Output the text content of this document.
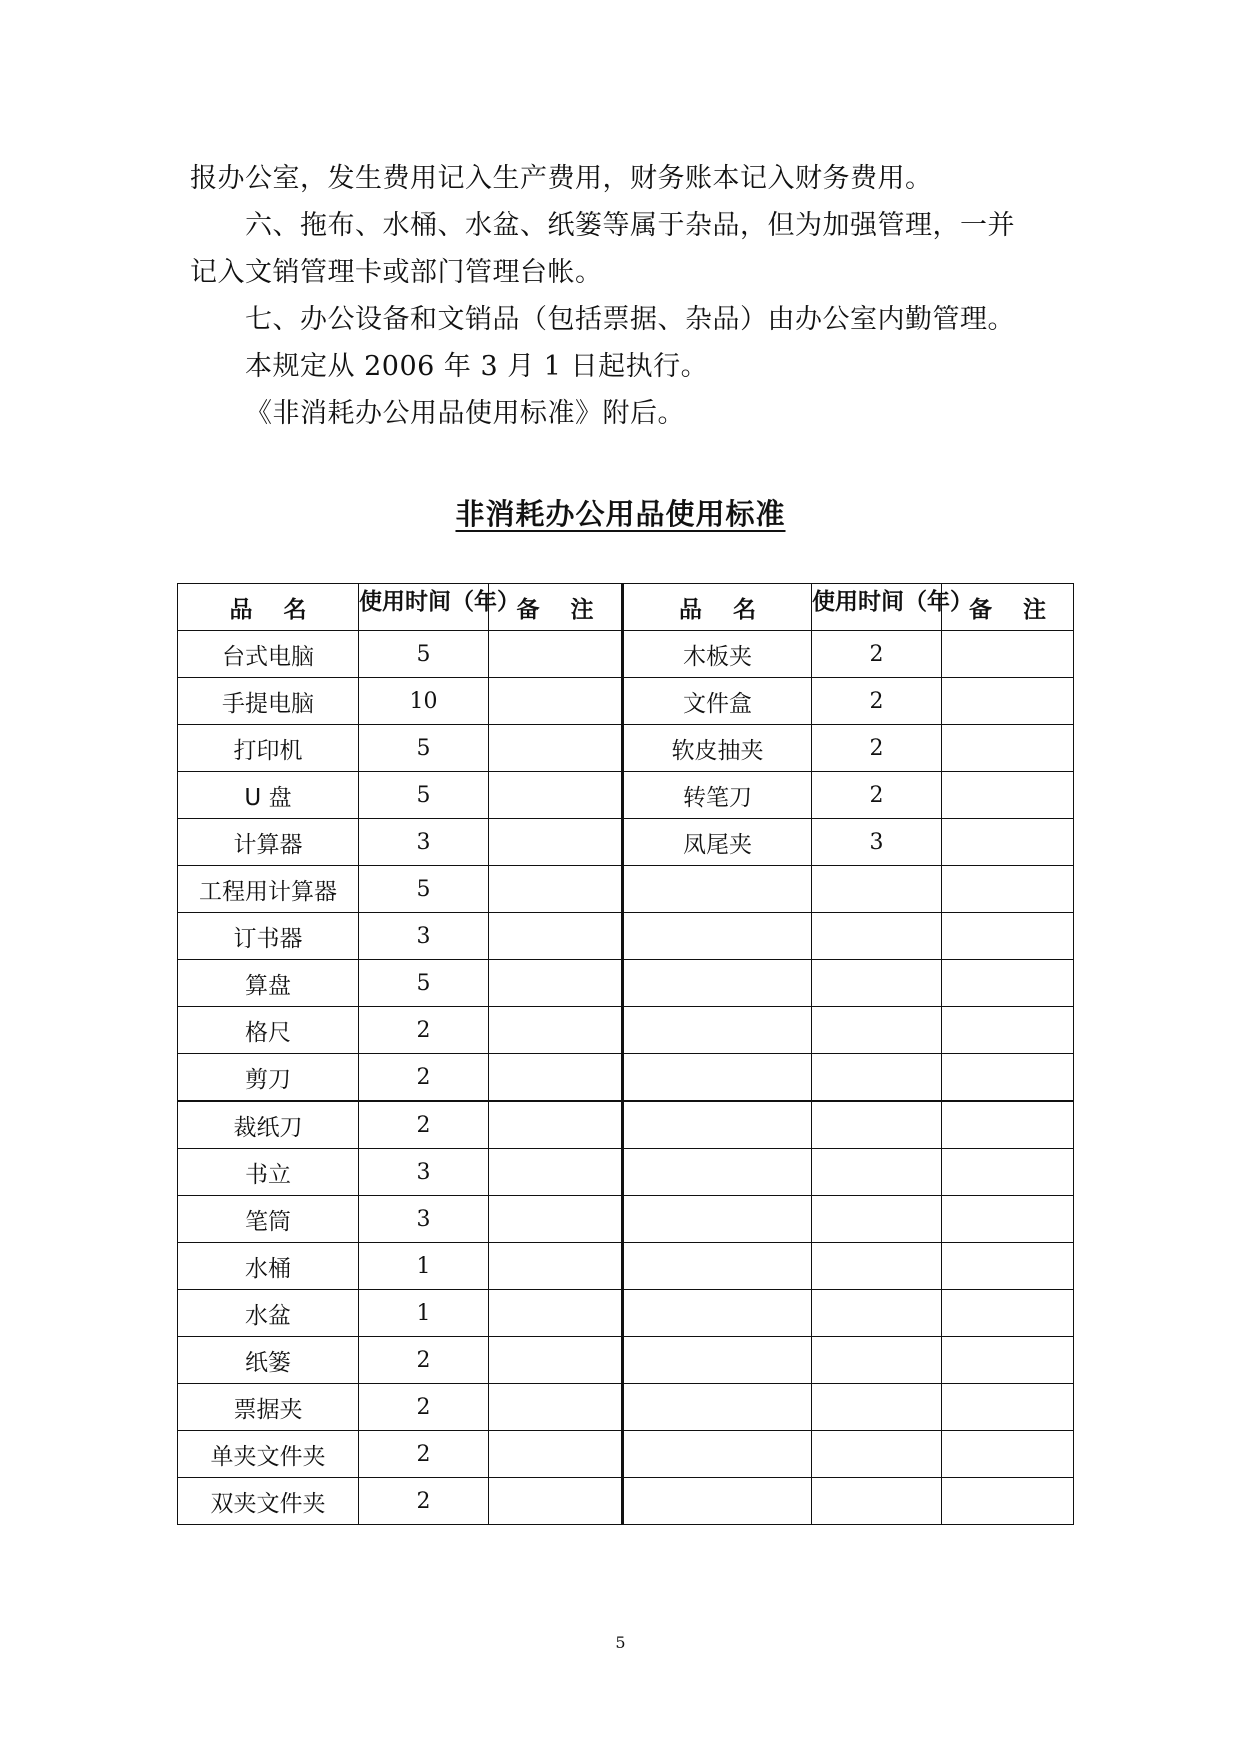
报办公室，发生费用记入生产费用，财务账本记入财务费用。
六、拖布、水桶、水盆、纸篓等属于杂品，但为加强管理，一并
记入文销管理卡或部门管理台帐。
七、办公设备和文销品（包括票据、杂品）由办公室内勤管理。
本规定从 2006 年 3 月 1 日起执行。
《非消耗办公用品使用标准》附后。
非消耗办公用品使用标准
品　 名	使用时间（年）	备　 注	品　 名	使用时间（年）	备　 注
台式电脑	5		木板夹	2	
手提电脑	10		文件盒	2	
打印机	5		软皮抽夹	2	
U 盘	5		转笔刀	2	
计算器	3		凤尾夹	3	
工程用计算器	5				
订书器	3				
算盘	5				
格尺	2				
剪刀	2				
裁纸刀	2				
书立	3				
笔筒	3				
水桶	1				
水盆	1				
纸篓	2				
票据夹	2				
单夹文件夹	2				
双夹文件夹	2				
5
